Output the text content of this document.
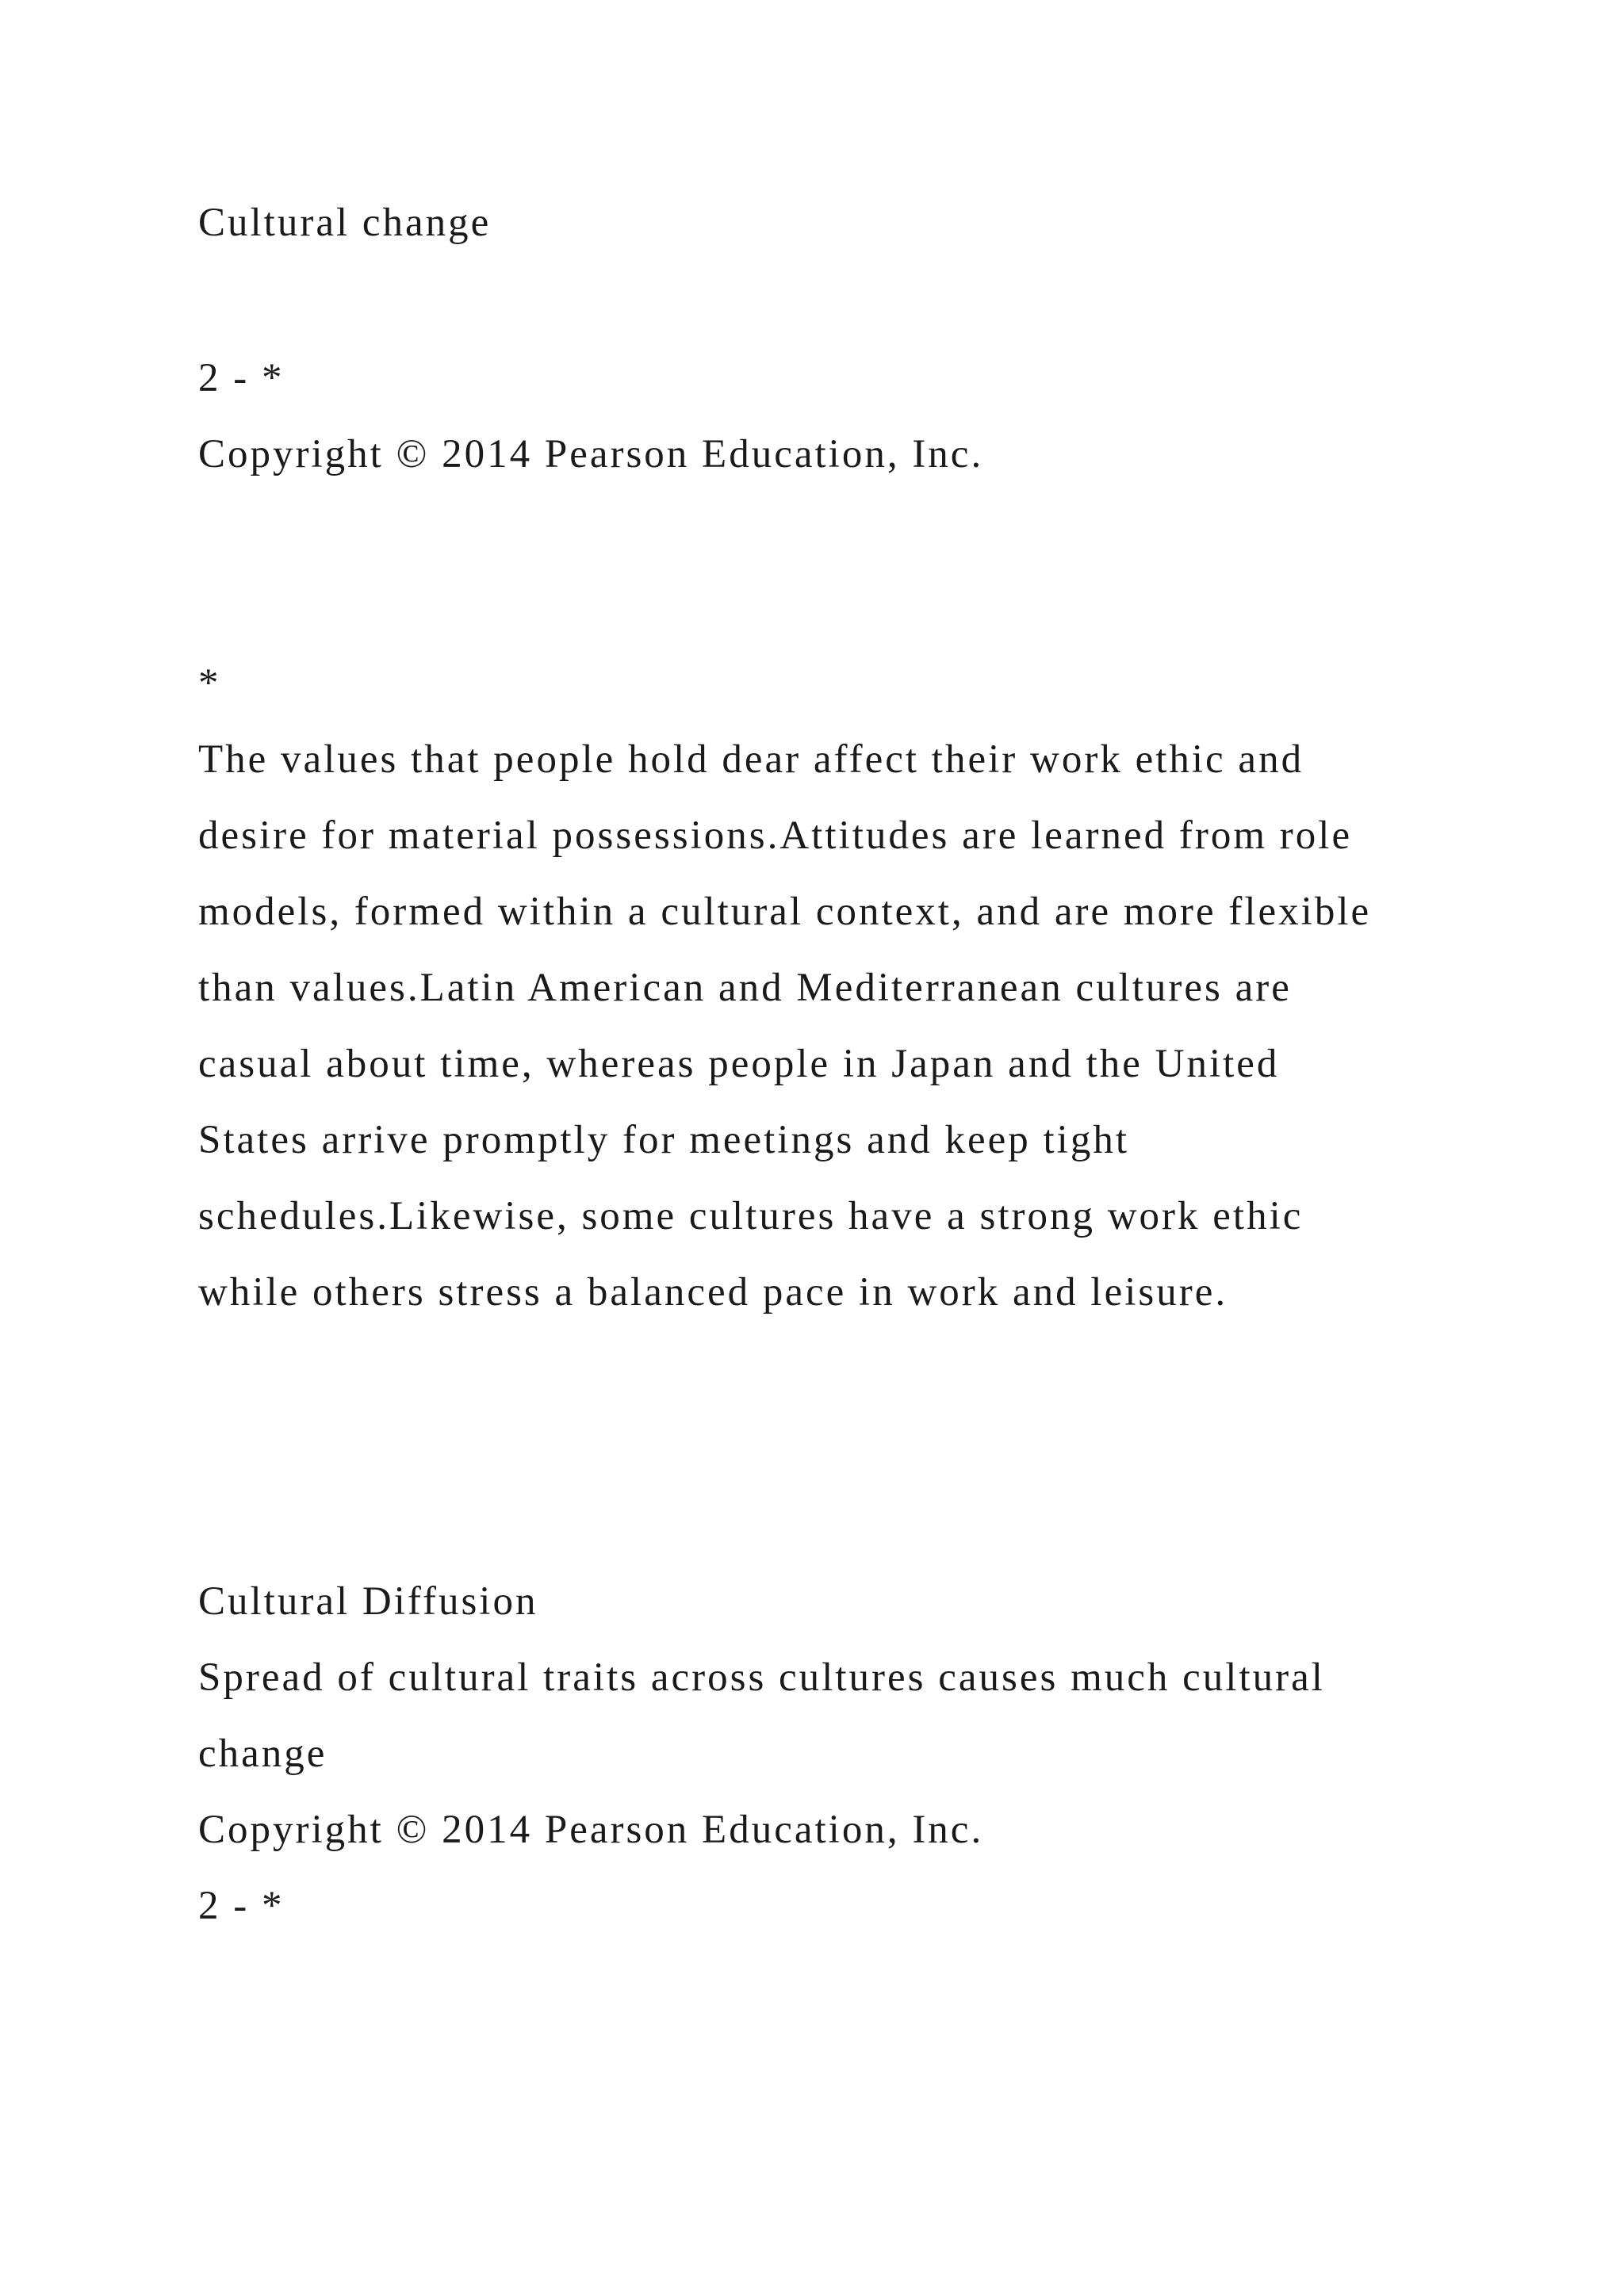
Cultural change

2 - *

Copyright © 2014 Pearson Education, Inc.

*

The values that people hold dear affect their work ethic and

desire for material possessions.Attitudes are learned from role

models, formed within a cultural context, and are more flexible

than values.Latin American and Mediterranean cultures are

casual about time, whereas people in Japan and the United

States arrive promptly for meetings and keep tight

schedules.Likewise, some cultures have a strong work ethic

while others stress a balanced pace in work and leisure.

Cultural Diffusion

Spread of cultural traits across cultures causes much cultural

change

Copyright © 2014 Pearson Education, Inc.

2 - *
